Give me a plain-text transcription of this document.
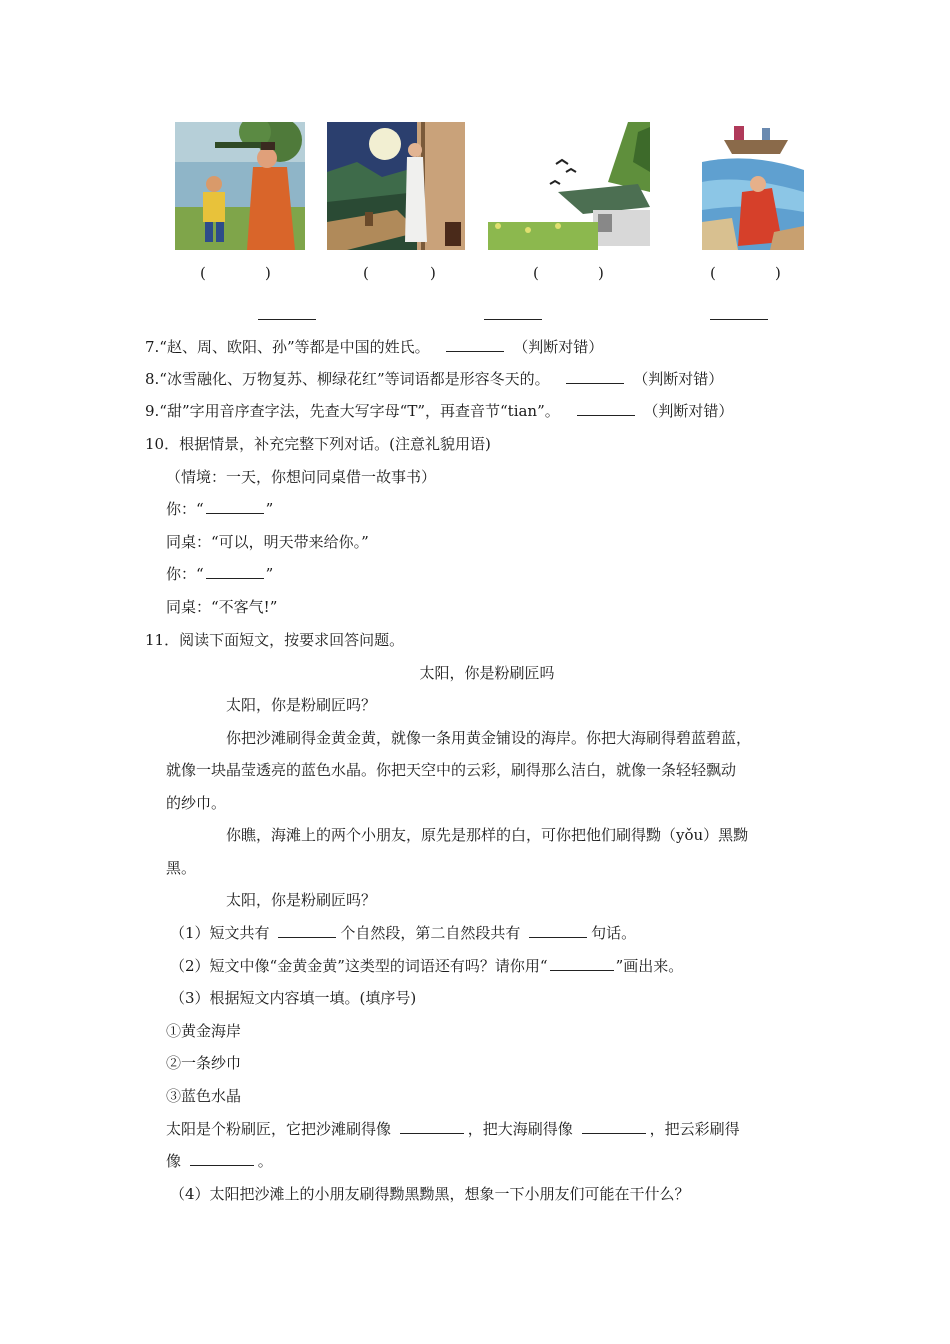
(	)	(	)	(	)	(	)
7.“赵、周、欧阳、孙”等都是中国的姓氏。	（判断对错）
8.“冰雪融化、万物复苏、柳绿花红”等词语都是形容冬天的。	（判断对错）
9.“甜”字用音序查字法，先查大写字母“T”，再查音节“tian”。	（判断对错）
10．根据情景，补充完整下列对话。(注意礼貌用语)
（情境：一天，你想问同桌借一故事书）
你：“	”
同桌：“可以，明天带来给你。”
你：“	”
同桌：“不客气!”
11．阅读下面短文，按要求回答问题。
太阳，你是粉刷匠吗
太阳，你是粉刷匠吗？
你把沙滩刷得金黄金黄，就像一条用黄金铺设的海岸。你把大海刷得碧蓝碧蓝，
就像一块晶莹透亮的蓝色水晶。你把天空中的云彩，刷得那么洁白，就像一条轻轻飘动
的纱巾。
你瞧，海滩上的两个小朋友，原先是那样的白，可你把他们刷得黝（yǒu）黑黝
黑。
太阳，你是粉刷匠吗？
（1）短文共有	个自然段，第二自然段共有	句话。
（2）短文中像“金黄金黄”这类型的词语还有吗？请你用“	”画出来。
（3）根据短文内容填一填。(填序号)
①黄金海岸
②一条纱巾
③蓝色水晶
太阳是个粉刷匠，它把沙滩刷得像	，把大海刷得像	，把云彩刷得
像	。
（4）太阳把沙滩上的小朋友刷得黝黑黝黑，想象一下小朋友们可能在干什么？
